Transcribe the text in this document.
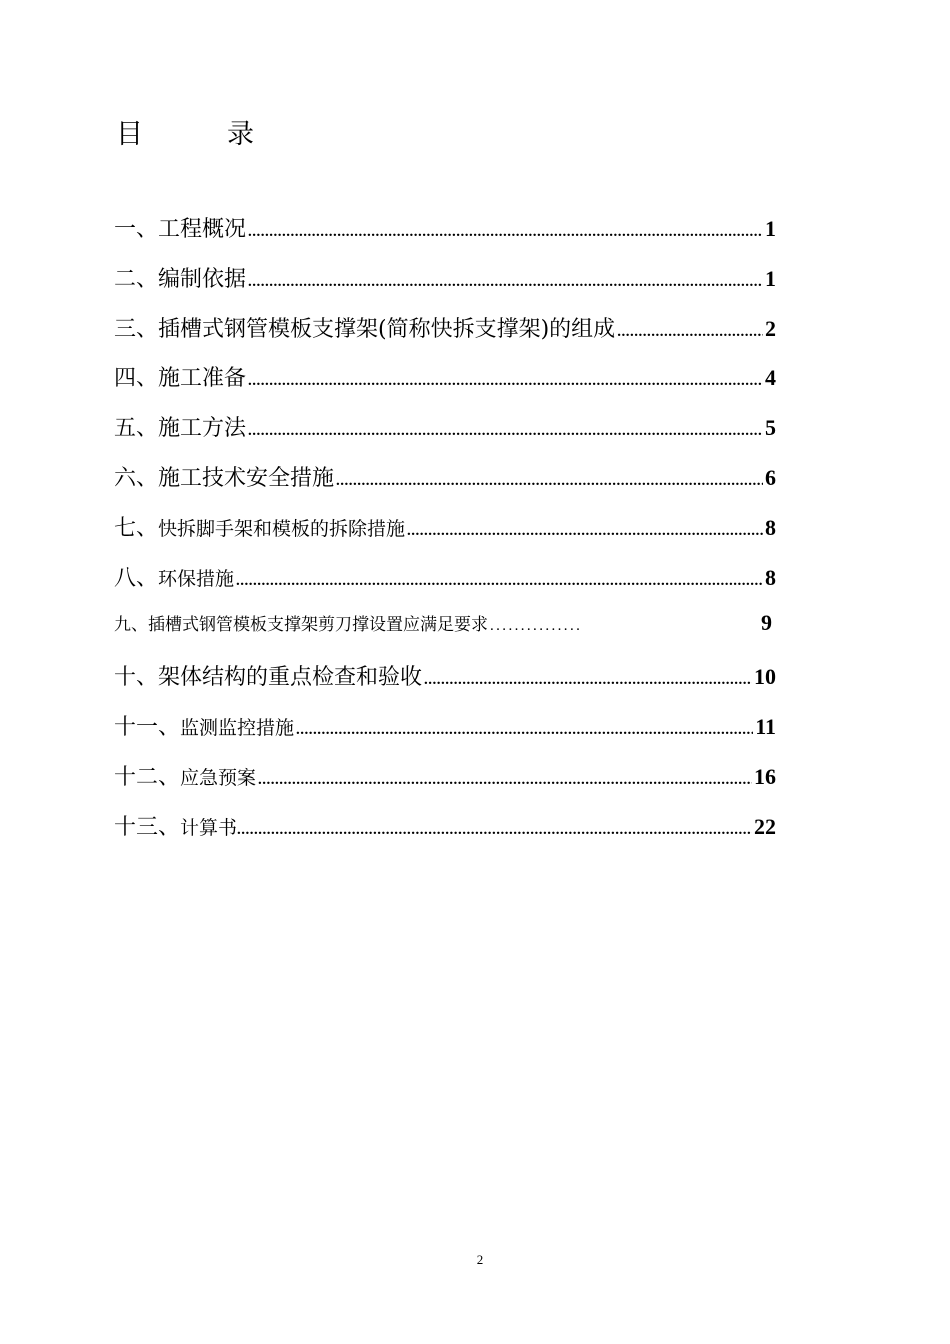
目	录
一、工程概况 .....	1
二、编制依据 .....	1
三、插槽式钢管模板支撑架(简称快拆支撑架)的组成 .....	2
四、施工准备 .....	4
五、施工方法 .....	5
六、施工技术安全措施 .....	6
七、快拆脚手架和模板的拆除措施 .....	8
八、环保措施 .....	8
九、插槽式钢管模板支撑架剪刀撑设置应满足要求 .....	9
十、架体结构的重点检查和验收 .....	10
十一、监测监控措施 .....	11
十二、应急预案 .....	16
十三、计算书 .....	22
2
